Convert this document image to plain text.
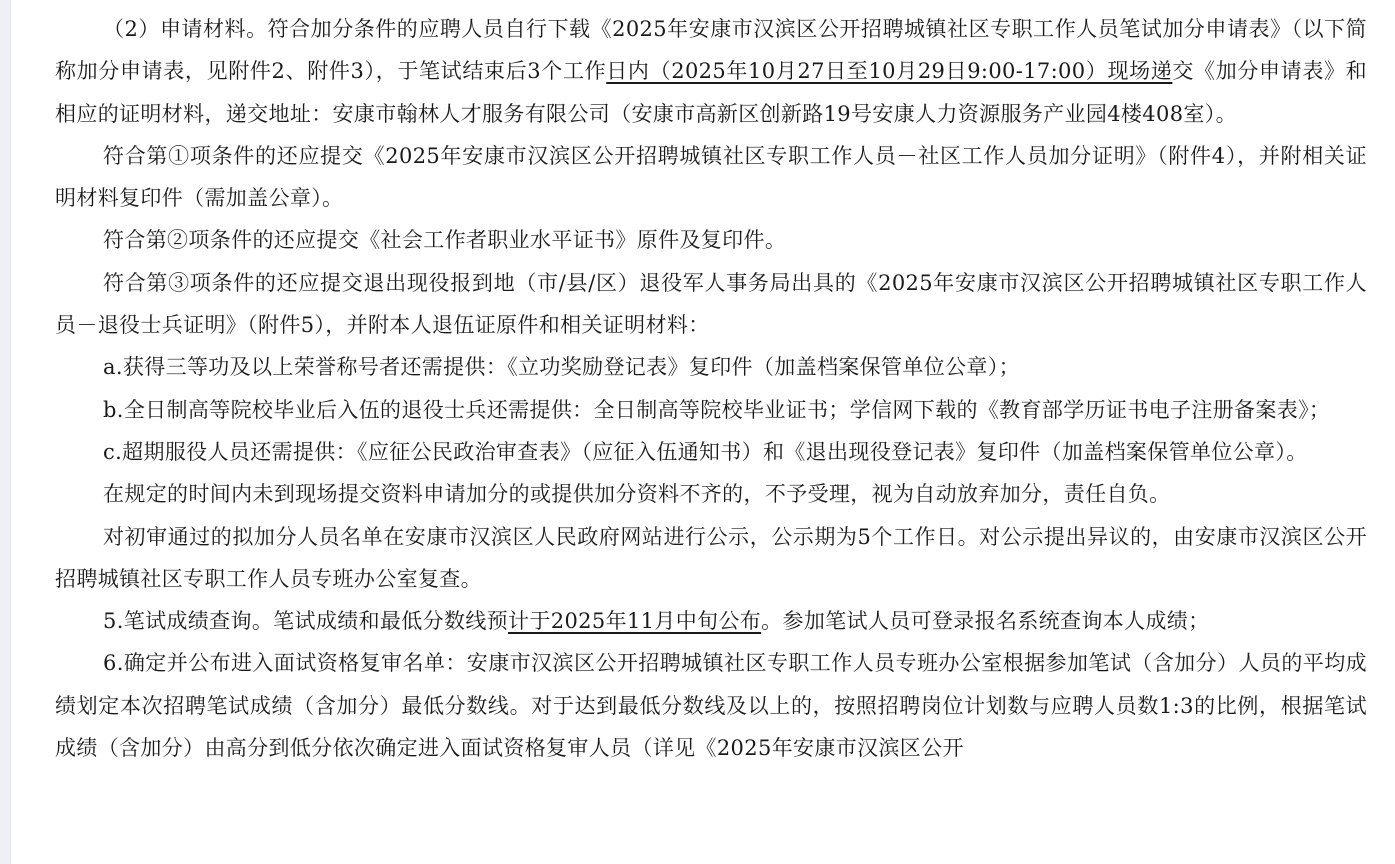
（2）申请材料。符合加分条件的应聘人员自行下载《2025年安康市汉滨区公开招聘城镇社区专职工作人员笔试加分申请表》（以下简称加分申请表，见附件2、附件3），于笔试结束后3个工作日内（2025年10月27日至10月29日9:00-17:00）现场递交《加分申请表》和相应的证明材料，递交地址：安康市翰林人才服务有限公司（安康市高新区创新路19号安康人力资源服务产业园4楼408室）。

符合第①项条件的还应提交《2025年安康市汉滨区公开招聘城镇社区专职工作人员－社区工作人员加分证明》（附件4），并附相关证明材料复印件（需加盖公章）。

符合第②项条件的还应提交《社会工作者职业水平证书》原件及复印件。

符合第③项条件的还应提交退出现役报到地（市/县/区）退役军人事务局出具的《2025年安康市汉滨区公开招聘城镇社区专职工作人员－退役士兵证明》（附件5），并附本人退伍证原件和相关证明材料：

a.获得三等功及以上荣誉称号者还需提供：《立功奖励登记表》复印件（加盖档案保管单位公章）；

b.全日制高等院校毕业后入伍的退役士兵还需提供：全日制高等院校毕业证书；学信网下载的《教育部学历证书电子注册备案表》；

c.超期服役人员还需提供：《应征公民政治审查表》（应征入伍通知书）和《退出现役登记表》复印件（加盖档案保管单位公章）。

在规定的时间内未到现场提交资料申请加分的或提供加分资料不齐的，不予受理，视为自动放弃加分，责任自负。

对初审通过的拟加分人员名单在安康市汉滨区人民政府网站进行公示，公示期为5个工作日。对公示提出异议的，由安康市汉滨区公开招聘城镇社区专职工作人员专班办公室复查。

5.笔试成绩查询。笔试成绩和最低分数线预计于2025年11月中旬公布。参加笔试人员可登录报名系统查询本人成绩；

6.确定并公布进入面试资格复审名单：安康市汉滨区公开招聘城镇社区专职工作人员专班办公室根据参加笔试（含加分）人员的平均成绩划定本次招聘笔试成绩（含加分）最低分数线。对于达到最低分数线及以上的，按照招聘岗位计划数与应聘人员数1:3的比例，根据笔试成绩（含加分）由高分到低分依次确定进入面试资格复审人员（详见《2025年安康市汉滨区公开
